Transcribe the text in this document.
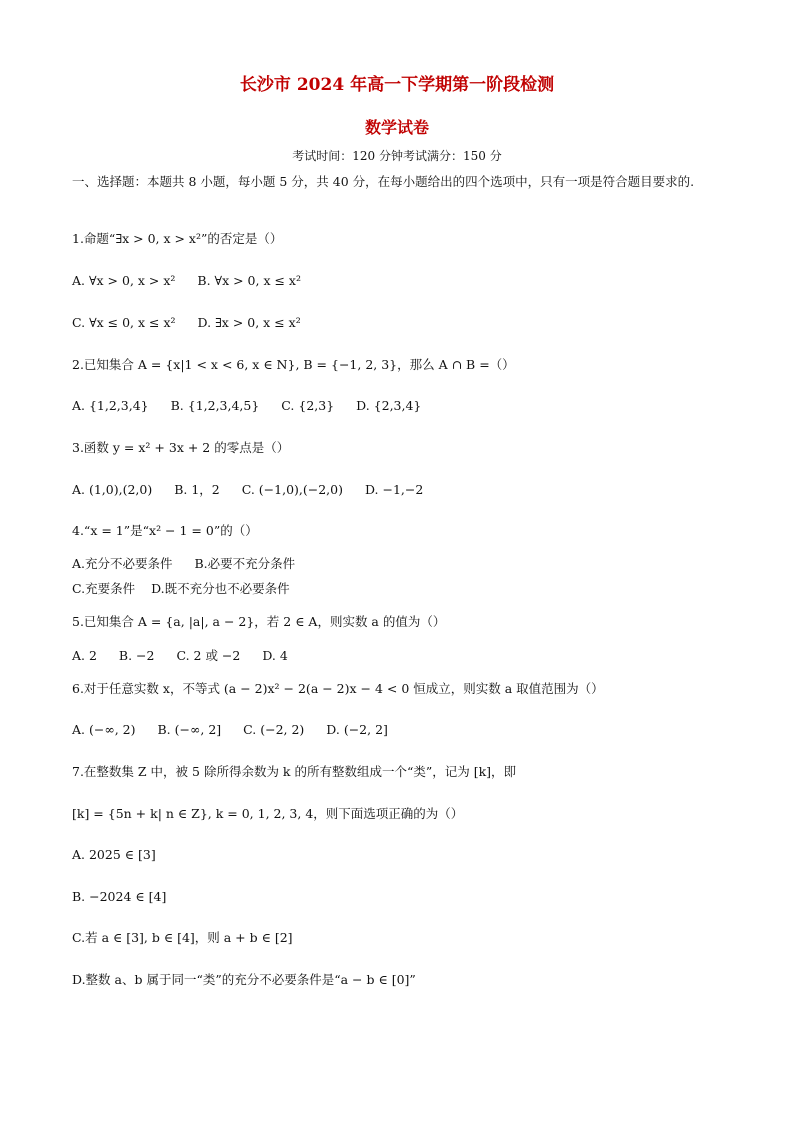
长沙市 2024 年高一下学期第一阶段检测
数学试卷
考试时间：120 分钟考试满分：150 分
一、选择题：本题共 8 小题，每小题 5 分，共 40 分，在每小题给出的四个选项中，只有一项是符合题目要求的.
1.命题“∃x > 0, x > x²”的否定是（）
A. ∀x > 0, x > x² B. ∀x > 0, x ≤ x²
C. ∀x ≤ 0, x ≤ x² D. ∃x > 0, x ≤ x²
2.已知集合 A = {x|1 < x < 6, x ∈ N}, B = {−1, 2, 3}，那么 A ∩ B =（）
A. {1,2,3,4} B. {1,2,3,4,5} C. {2,3} D. {2,3,4}
3.函数 y = x² + 3x + 2 的零点是（）
A. (1,0),(2,0) B. 1，2 C. (−1,0),(−2,0) D. −1,−2
4.“x = 1”是“x² − 1 = 0”的（）
A.充分不必要条件 B.必要不充分条件
C.充要条件 D.既不充分也不必要条件
5.已知集合 A = {a, |a|, a − 2}，若 2 ∈ A，则实数 a 的值为（）
A. 2 B. −2 C. 2 或 −2 D. 4
6.对于任意实数 x，不等式 (a − 2)x² − 2(a − 2)x − 4 < 0 恒成立，则实数 a 取值范围为（）
A. (−∞, 2) B. (−∞, 2] C. (−2, 2) D. (−2, 2]
7.在整数集 Z 中，被 5 除所得余数为 k 的所有整数组成一个“类”，记为 [k]，即
[k] = {5n + k| n ∈ Z}, k = 0, 1, 2, 3, 4，则下面选项正确的为（）
A. 2025 ∈ [3]
B. −2024 ∈ [4]
C.若 a ∈ [3], b ∈ [4]，则 a + b ∈ [2]
D.整数 a、b 属于同一“类”的充分不必要条件是“a − b ∈ [0]”
